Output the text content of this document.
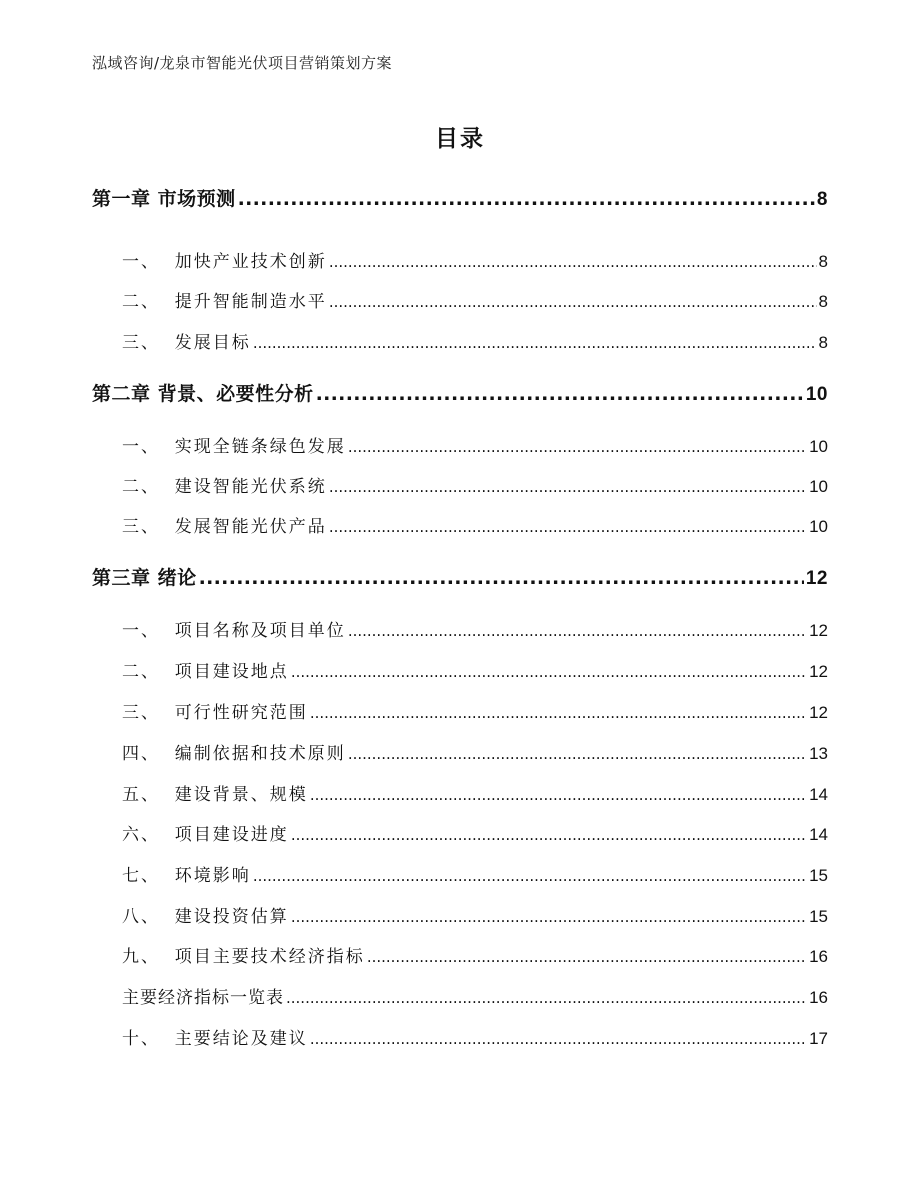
泓域咨询/龙泉市智能光伏项目营销策划方案
目录
第一章 市场预测 .....	8
一、  加快产业技术创新 .....	8
二、  提升智能制造水平 .....	8
三、  发展目标 .....	8
第二章 背景、必要性分析 .....	10
一、  实现全链条绿色发展 .....	10
二、  建设智能光伏系统 .....	10
三、  发展智能光伏产品 .....	10
第三章 绪论 .....	12
一、  项目名称及项目单位 .....	12
二、  项目建设地点 .....	12
三、  可行性研究范围 .....	12
四、  编制依据和技术原则 .....	13
五、  建设背景、规模 .....	14
六、  项目建设进度 .....	14
七、  环境影响 .....	15
八、  建设投资估算 .....	15
九、  项目主要技术经济指标 .....	16
主要经济指标一览表 .....	16
十、  主要结论及建议 .....	17
